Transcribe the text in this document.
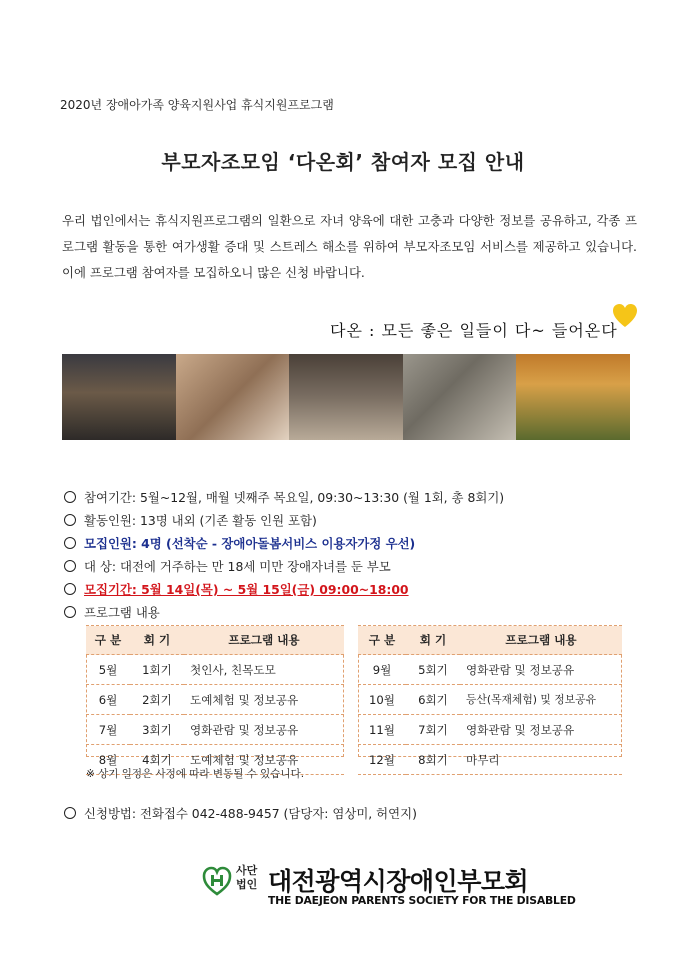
2020년 장애아가족 양육지원사업 휴식지원프로그램
부모자조모임 ‘다온회’ 참여자 모집 안내
우리 법인에서는 휴식지원프로그램의 일환으로 자녀 양육에 대한 고충과 다양한 정보를 공유하고, 각종 프로그램 활동을 통한 여가생활 증대 및 스트레스 해소를 위하여 부모자조모임 서비스를 제공하고 있습니다. 이에 프로그램 참여자를 모집하오니 많은 신청 바랍니다.
다온 : 모든 좋은 일들이 다~ 들어온다
참여기간: 5월~12월, 매월 넷째주 목요일, 09:30~13:30 (월 1회, 총 8회기)
활동인원: 13명 내외 (기존 활동 인원 포함)
모집인원: 4명 (선착순 - 장애아돌봄서비스 이용자가정 우선)
대 상: 대전에 거주하는 만 18세 미만 장애자녀를 둔 부모
모집기간: 5월 14일(목) ~ 5월 15일(금) 09:00~18:00
프로그램 내용
구 분	회 기	프로그램 내용
5월	1회기	첫인사, 친목도모
6월	2회기	도예체험 및 정보공유
7월	3회기	영화관람 및 정보공유
8월	4회기	도예체험 및 정보공유
구 분	회 기	프로그램 내용
9월	5회기	영화관람 및 정보공유
10월	6회기	등산(목재체험) 및 정보공유
11월	7회기	영화관람 및 정보공유
12월	8회기	마무리
※ 상기 일정은 사정에 따라 변동될 수 있습니다.
신청방법: 전화접수 042-488-9457 (담당자: 염상미, 허연지)
사단
법인 대전광역시장애인부모회
THE DAEJEON PARENTS SOCIETY FOR THE DISABLED
